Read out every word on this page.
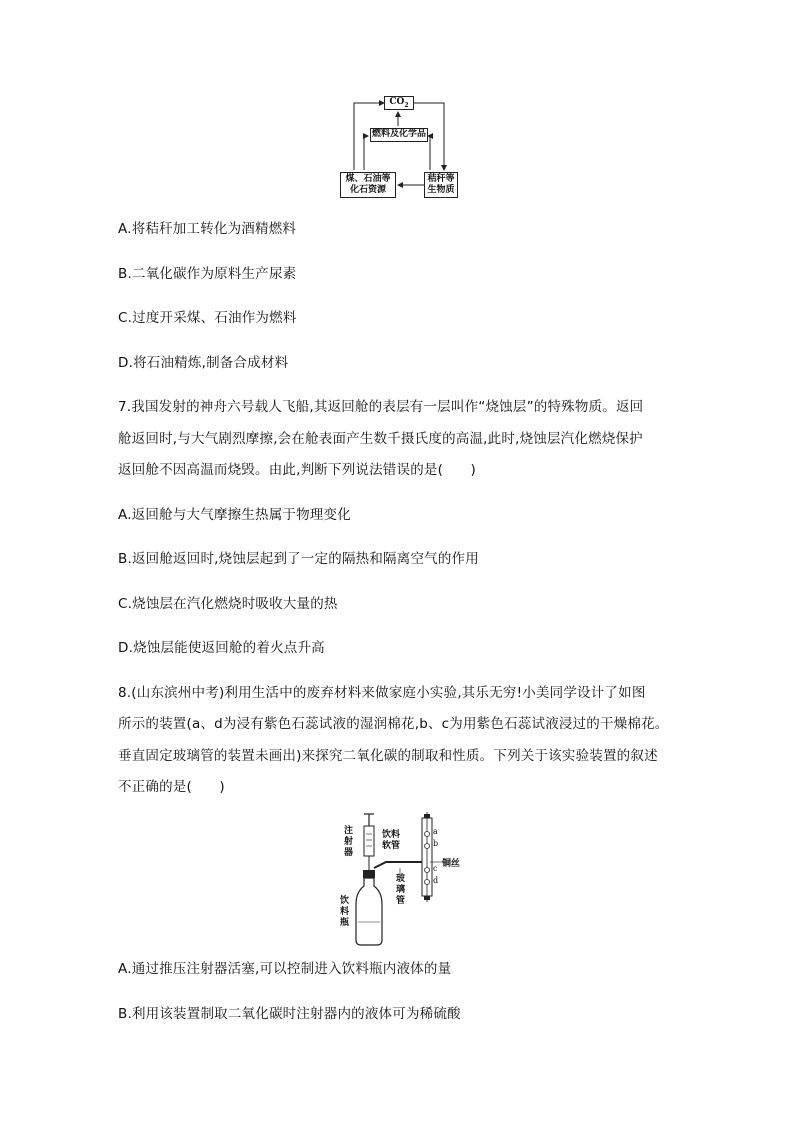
$CO_2$
燃料及化学品
煤、石油等
化石资源
秸秆等
生物质
A.将秸秆加工转化为酒精燃料
B.二氧化碳作为原料生产尿素
C.过度开采煤、石油作为燃料
D.将石油精炼,制备合成材料
7.我国发射的神舟六号载人飞船,其返回舱的表层有一层叫作“烧蚀层”的特殊物质。返回
舱返回时,与大气剧烈摩擦,会在舱表面产生数千摄氏度的高温,此时,烧蚀层汽化燃烧保护
返回舱不因高温而烧毁。由此,判断下列说法错误的是(　　)
A.返回舱与大气摩擦生热属于物理变化
B.返回舱返回时,烧蚀层起到了一定的隔热和隔离空气的作用
C.烧蚀层在汽化燃烧时吸收大量的热
D.烧蚀层能使返回舱的着火点升高
8.(山东滨州中考)利用生活中的废弃材料来做家庭小实验,其乐无穷!小美同学设计了如图
所示的装置(a、d为浸有紫色石蕊试液的湿润棉花,b、c为用紫色石蕊试液浸过的干燥棉花。
垂直固定玻璃管的装置未画出)来探究二氧化碳的制取和性质。下列关于该实验装置的叙述
不正确的是(　　)
注
射
器
饮料
软管
饮
料
瓶
玻
璃
管
铜丝
a
b
c
d
A.通过推压注射器活塞,可以控制进入饮料瓶内液体的量
B.利用该装置制取二氧化碳时注射器内的液体可为稀硫酸
